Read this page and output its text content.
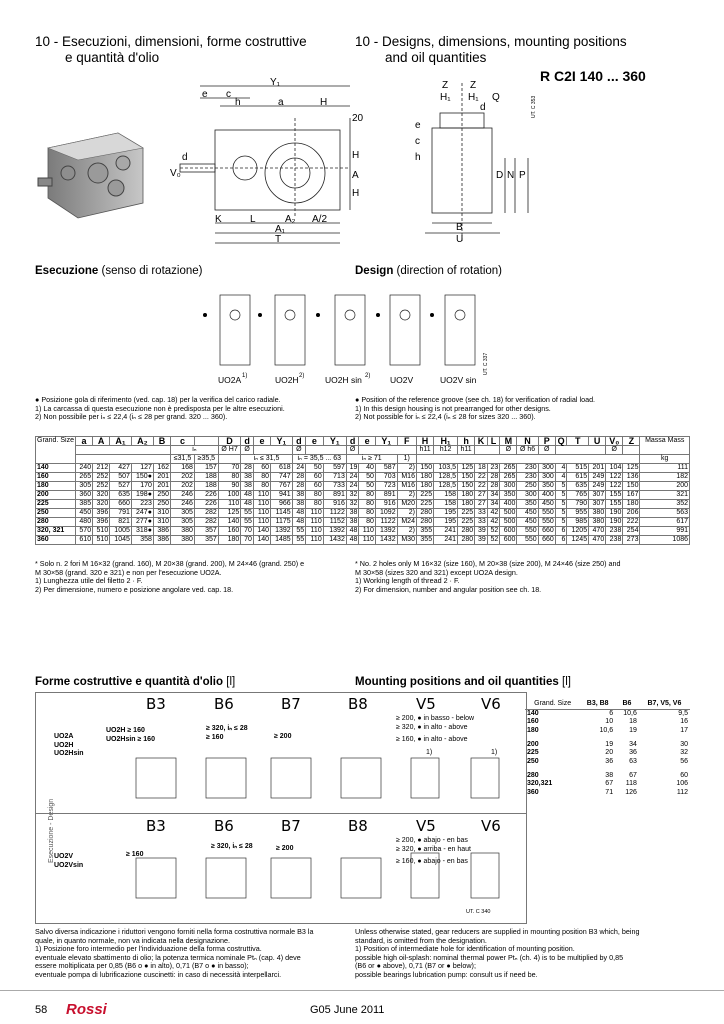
10 - Esecuzioni, dimensioni, forme costruttive
e quantità d'olio
10 - Designs, dimensions, mounting positions
and oil quantities
R C2I 140 ... 360
Y₁
e c
h	a	H
20
d
V₀	A
H
H
K	L	A₂ A/2
A₁
T
Z Z
H₁ H₁ Q
d
e
c
h
D N P
B
U
UT. C 353
Esecuzione (senso di rotazione)	Design (direction of rotation)
UO2A 1)	UO2H 2) UO2H sin 2) UO2V	UO2V sin
UT. C 337
● Posizione gola di riferimento (ved. cap. 18) per la verifica del carico radiale.
1) La carcassa di questa esecuzione non è predisposta per le altre esecuzioni.
2) Non possibile per iₙ ≤ 22,4 (iₙ ≤ 28 per grand. 320 ... 360).
● Position of the reference groove (see ch. 18) for verification of radial load.
1) In this design housing is not prearranged for other designs.
2) Not possible for iₙ ≤ 22,4 (iₙ ≤ 28 for sizes 320 ... 360).
Grand. Size	a	A	A₁	A₂	B	c		D	d	e	Y₁	d	e	Y₁	d	e	Y₁	F	H	H₁	h	K	L	M	N	P	Q	T	U	V₀	Z	Massa Mass
						iₙ		Ø H7	Ø			Ø			Ø				h11	h12	h11			Ø	Ø h6	Ø				Ø		
						≤31,5	≥35,5		iₙ ≤ 31,5			iₙ = 35,5 ... 63			iₙ ≥ 71			1)														kg
140	240	212	427	127	162	168	157	70	28	60	618	24	50	597	19	40	587	2)	150	103,5	125	18	23	265	230	300	4	515	201	104	125	111
160	265	252	507	150●	201	202	188	80	38	80	747	28	60	713	24	50	703	M16	180	128,5	150	22	28	265	230	300	4	615	249	122	136	182
180	305	252	527	170	201	202	188	90	38	80	767	28	60	733	24	50	723	M16	180	128,5	150	22	28	300	250	350	5	635	249	122	150	200
200	360	320	635	198●	250	246	226	100	48	110	941	38	80	891	32	80	891	2)	225	158	180	27	34	350	300	400	5	765	307	155	167	321
225	385	320	660	223	250	246	226	110	48	110	966	38	80	916	32	80	916	M20	225	158	180	27	34	400	350	450	5	790	307	155	180	352
250	450	396	791	247●	310	305	282	125	55	110	1145	48	110	1122	38	80	1092	2)	280	195	225	33	42	500	450	550	5	955	380	190	206	563
280	480	396	821	277●	310	305	282	140	55	110	1175	48	110	1152	38	80	1122	M24	280	195	225	33	42	500	450	550	5	985	380	190	222	617
320, 321	570	510	1005	318●	386	380	357	160	70	140	1392	55	110	1392	48	110	1392	2)	355	241	280	39	52	600	550	660	6	1205	470	238	254	991
360	610	510	1045	358	386	380	357	180	70	140	1485	55	110	1432	48	110	1432	M30	355	241	280	39	52	600	550	660	6	1245	470	238	273	1086
* Solo n. 2 fori M 16×32 (grand. 160), M 20×38 (grand. 200), M 24×46 (grand. 250) e
M 30×58 (grand. 320 e 321) e non per l'esecuzione UO2A.
1) Lunghezza utile del filetto 2 · F.
2) Per dimensione, numero e posizione angolare ved. cap. 18.
* No. 2 holes only M 16×32 (size 160), M 20×38 (size 200), M 24×46 (size 250) and
M 30×58 (sizes 320 and 321) except UO2A design.
1) Working length of thread 2 · F.
2) For dimension, number and angular position see ch. 18.
Forme costruttive e quantità d'olio [l]	Mounting positions and oil quantities [l]
Esecuzione - Design
B3	B6	B7	B8	V5	V6
UO2A
UO2H
UO2Hsin
UO2H ≥ 160
UO2Hsin ≥ 160
≥ 320, iₙ ≤ 28
≥ 160	≥ 200
≥ 200, ● in basso - below
≥ 320, ● in alto - above
≥ 160, ● in alto - above
1)	1)
B3	B6	B7	B8	V5	V6
UO2V
UO2Vsin
≥ 160
≥ 320, iₙ ≤ 28	≥ 200
≥ 200, ● abajo - en bas
≥ 320, ● arriba - en haut
≥ 160, ● abajo - en bas
UT. C 340
Grand. Size	B3, B8	B6	B7, V5, V6
140	6	10,6	9,5
160	10	18	16
180	10,6	19	17
200	19	34	30
225	20	36	32
250	36	63	56
280	38	67	60
320,321	67	118	106
360	71	126	112
Salvo diversa indicazione i riduttori vengono forniti nella forma costruttiva normale B3 la
quale, in quanto normale, non va indicata nella designazione.
1) Posizione foro intermedio per l'individuazione della forma costruttiva.
eventuale elevato sbattimento di olio; la potenza termica nominale Ptₙ (cap. 4) deve
essere moltiplicata per 0,85 (B6 o ● in alto), 0,71 (B7 o ● in basso);
eventuale pompa di lubrificazione cuscinetti: in caso di necessità interpellarci.
Unless otherwise stated, gear reducers are supplied in mounting position B3 which, being
standard, is omitted from the designation.
1) Position of intermediate hole for identification of mounting position.
possible high oil-splash: nominal thermal power Ptₙ (ch. 4) is to be multiplied by 0,85
(B6 or ● above), 0,71 (B7 or ● below);
possible bearings lubrication pump: consult us if need be.
58 Rossi	G05 June 2011
